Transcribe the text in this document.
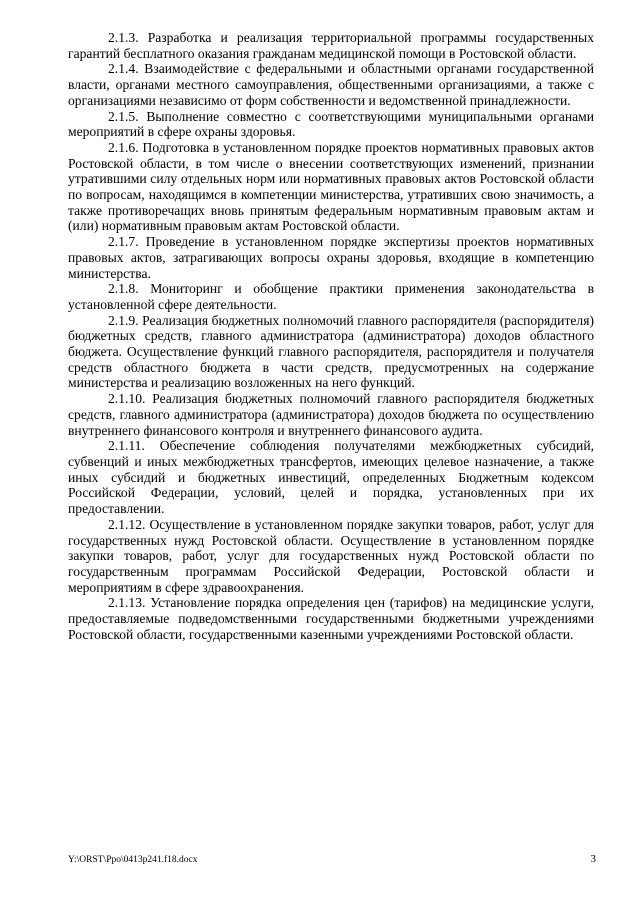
2.1.3. Разработка и реализация территориальной программы государственных гарантий бесплатного оказания гражданам медицинской помощи в Ростовской области.

2.1.4. Взаимодействие с федеральными и областными органами государственной власти, органами местного самоуправления, общественными организациями, а также с организациями независимо от форм собственности и ведомственной принадлежности.

2.1.5. Выполнение совместно с соответствующими муниципальными органами мероприятий в сфере охраны здоровья.

2.1.6. Подготовка в установленном порядке проектов нормативных правовых актов Ростовской области, в том числе о внесении соответствующих изменений, признании утратившими силу отдельных норм или нормативных правовых актов Ростовской области по вопросам, находящимся в компетенции министерства, утративших свою значимость, а также противоречащих вновь принятым федеральным нормативным правовым актам и (или) нормативным правовым актам Ростовской области.

2.1.7. Проведение в установленном порядке экспертизы проектов нормативных правовых актов, затрагивающих вопросы охраны здоровья, входящие в компетенцию министерства.

2.1.8. Мониторинг и обобщение практики применения законодательства в установленной сфере деятельности.

2.1.9. Реализация бюджетных полномочий главного распорядителя (распорядителя) бюджетных средств, главного администратора (администратора) доходов областного бюджета. Осуществление функций главного распорядителя, распорядителя и получателя средств областного бюджета в части средств, предусмотренных на содержание министерства и реализацию возложенных на него функций.

2.1.10. Реализация бюджетных полномочий главного распорядителя бюджетных средств, главного администратора (администратора) доходов бюджета по осуществлению внутреннего финансового контроля и внутреннего финансового аудита.

2.1.11. Обеспечение соблюдения получателями межбюджетных субсидий, субвенций и иных межбюджетных трансфертов, имеющих целевое назначение, а также иных субсидий и бюджетных инвестиций, определенных Бюджетным кодексом Российской Федерации, условий, целей и порядка, установленных при их предоставлении.

2.1.12. Осуществление в установленном порядке закупки товаров, работ, услуг для государственных нужд Ростовской области. Осуществление в установленном порядке закупки товаров, работ, услуг для государственных нужд Ростовской области по государственным программам Российской Федерации, Ростовской области и мероприятиям в сфере здравоохранения.

2.1.13. Установление порядка определения цен (тарифов) на медицинские услуги, предоставляемые подведомственными государственными бюджетными учреждениями Ростовской области, государственными казенными учреждениями Ростовской области.

Y:\ORST\Ppo\0413p241.f18.docx	3
